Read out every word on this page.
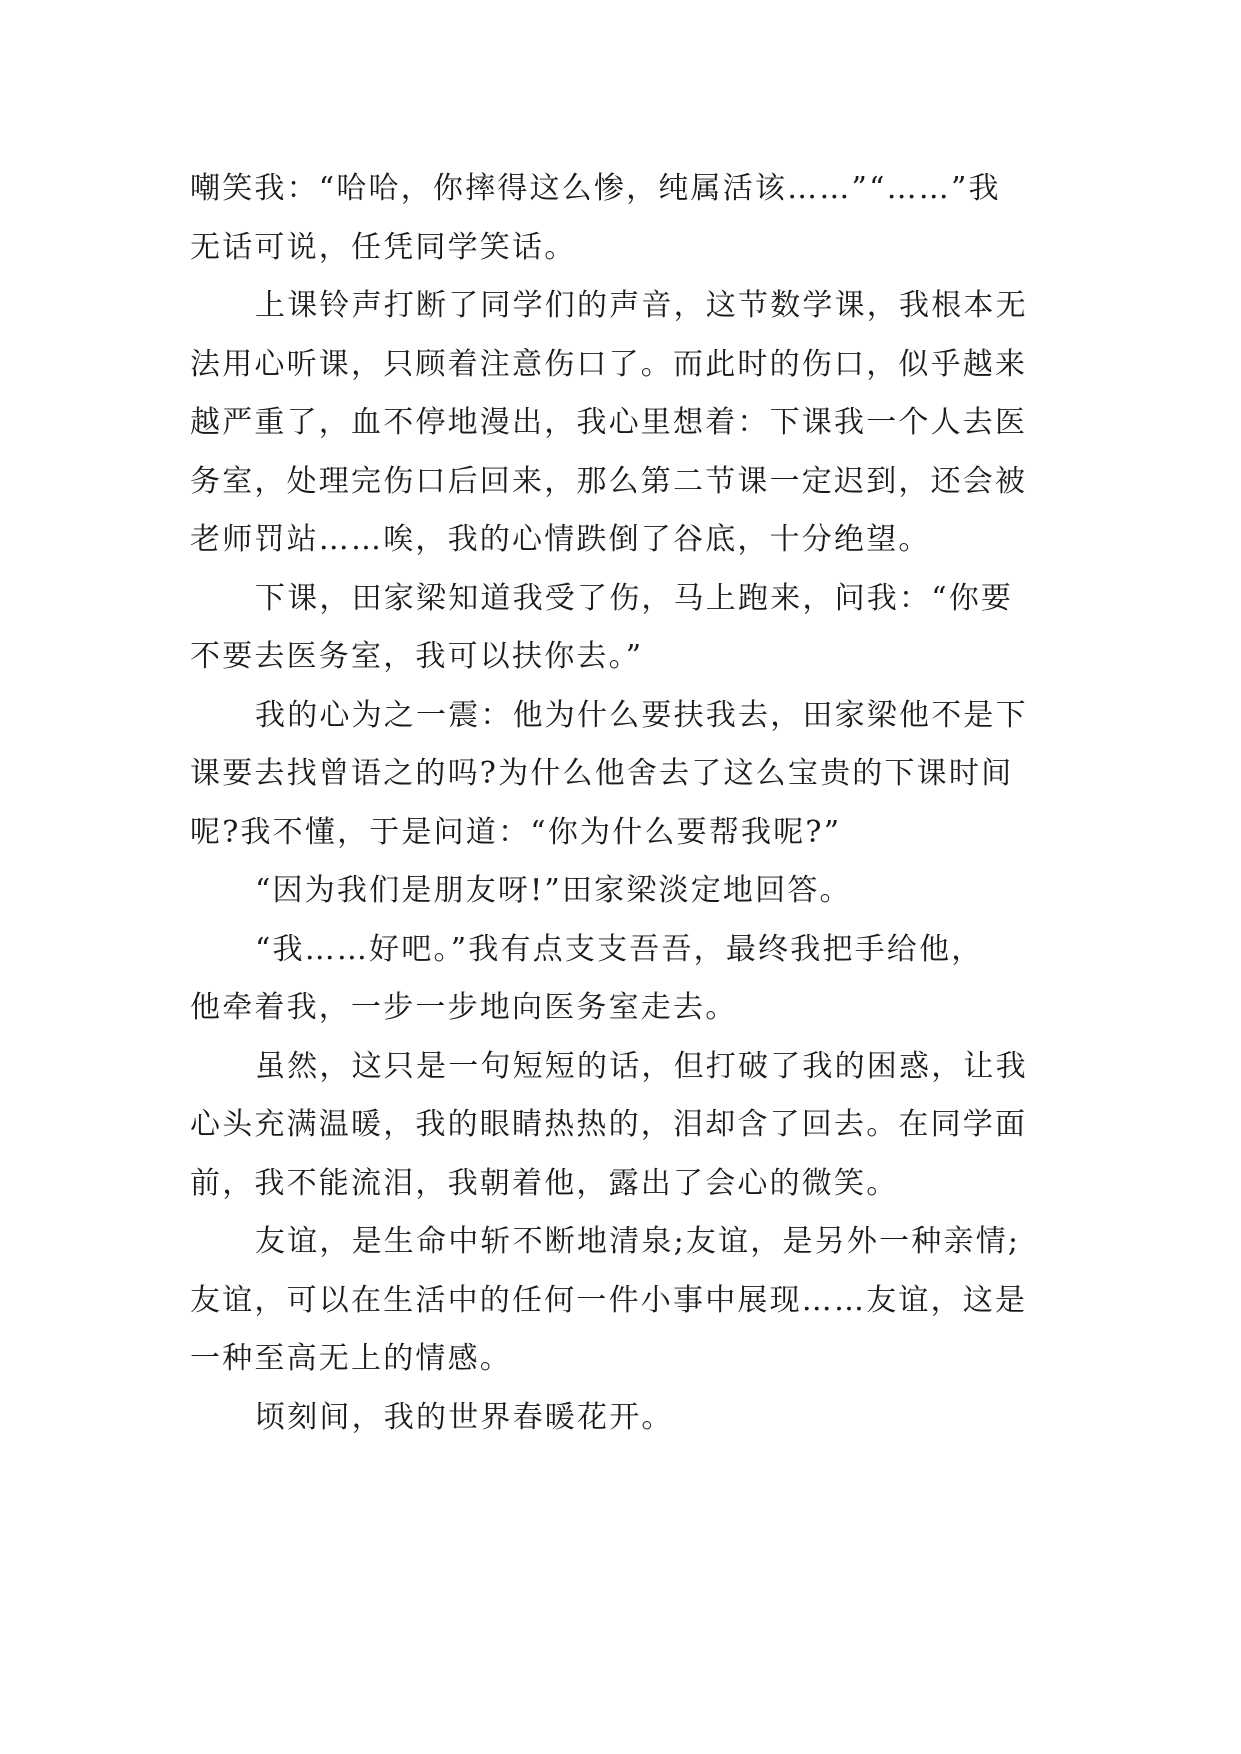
嘲笑我：“哈哈，你摔得这么惨，纯属活该……”“……”我
无话可说，任凭同学笑话。
上课铃声打断了同学们的声音，这节数学课，我根本无
法用心听课，只顾着注意伤口了。而此时的伤口，似乎越来
越严重了，血不停地漫出，我心里想着：下课我一个人去医
务室，处理完伤口后回来，那么第二节课一定迟到，还会被
老师罚站……唉，我的心情跌倒了谷底，十分绝望。
下课，田家梁知道我受了伤，马上跑来，问我：“你要
不要去医务室，我可以扶你去。”
我的心为之一震：他为什么要扶我去，田家梁他不是下
课要去找曾语之的吗?为什么他舍去了这么宝贵的下课时间
呢?我不懂，于是问道：“你为什么要帮我呢?”
“因为我们是朋友呀!”田家梁淡定地回答。
“我……好吧。”我有点支支吾吾，最终我把手给他，
他牵着我，一步一步地向医务室走去。
虽然，这只是一句短短的话，但打破了我的困惑，让我
心头充满温暖，我的眼睛热热的，泪却含了回去。在同学面
前，我不能流泪，我朝着他，露出了会心的微笑。
友谊，是生命中斩不断地清泉;友谊，是另外一种亲情;
友谊，可以在生活中的任何一件小事中展现……友谊，这是
一种至高无上的情感。
顷刻间，我的世界春暖花开。
